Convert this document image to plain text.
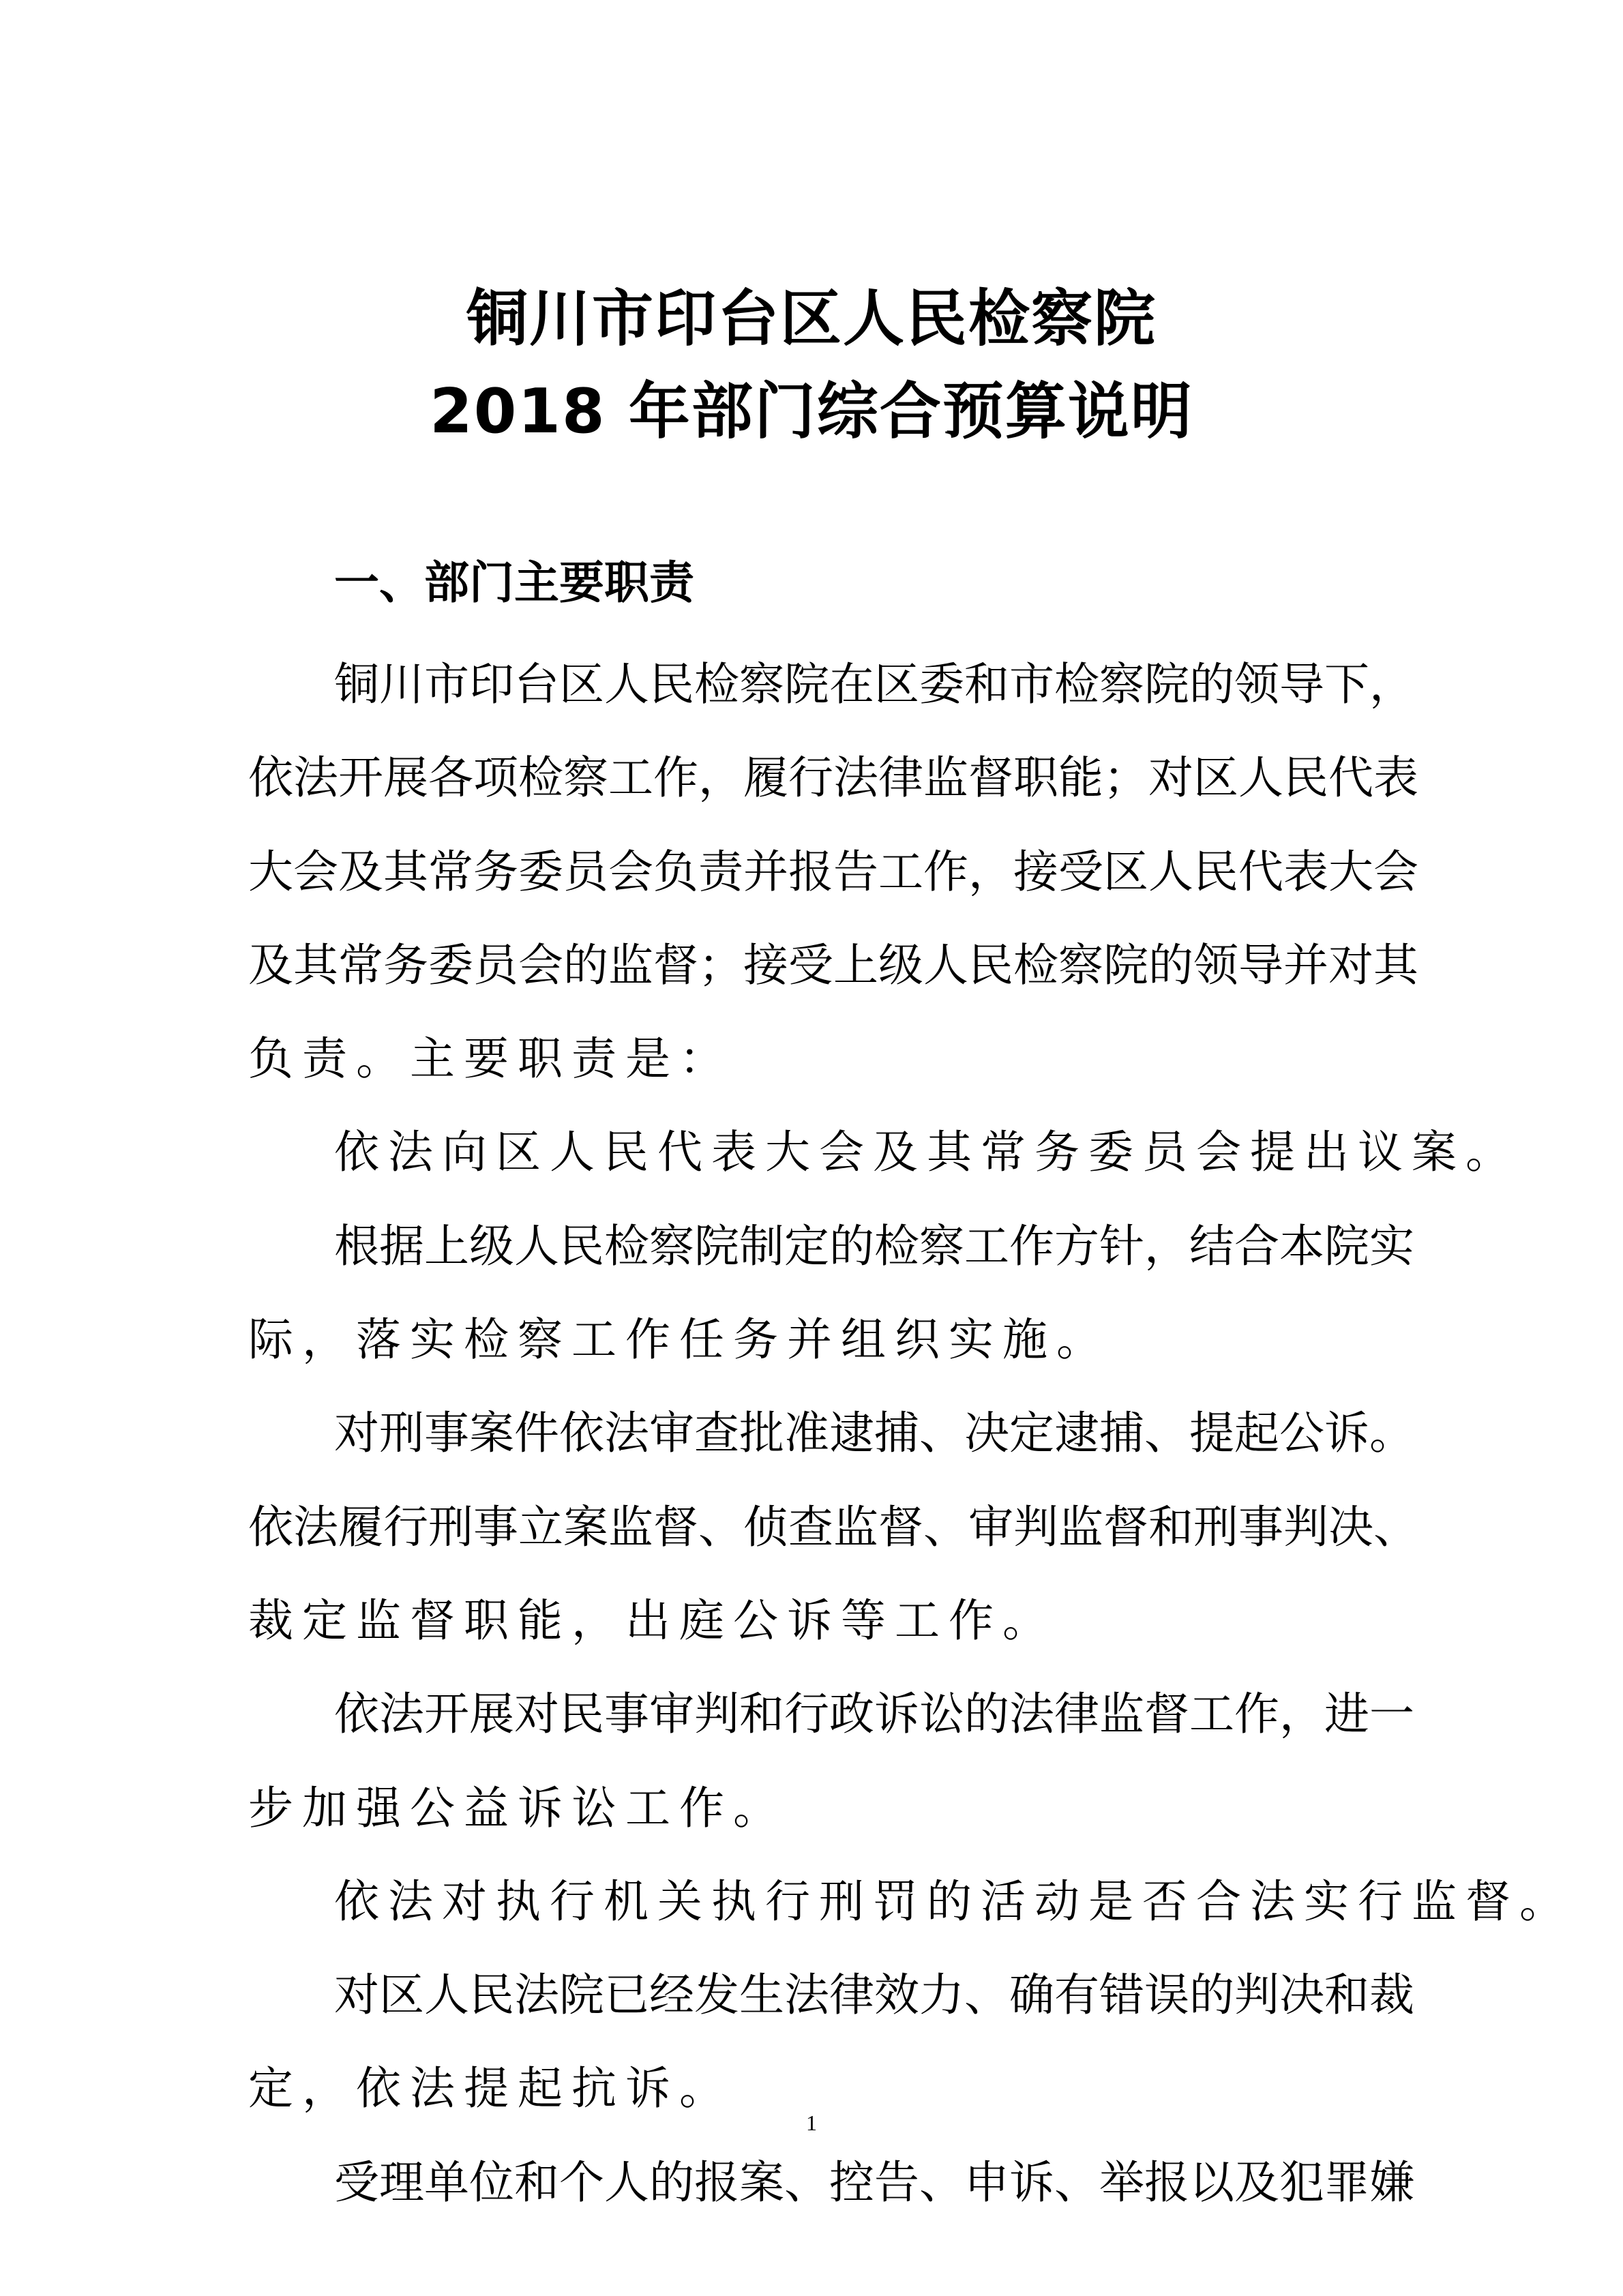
铜川市印台区人民检察院
2018 年部门综合预算说明
一、部门主要职责
铜 川 市 印 台 区 人 民 检 察 院 在 区 委 和 市 检 察 院 的 领 导 下 ，
依 法 开 展 各 项 检 察 工 作 ， 履 行 法 律 监 督 职 能 ； 对 区 人 民 代 表
大 会 及 其 常 务 委 员 会 负 责 并 报 告 工 作 ， 接 受 区 人 民 代 表 大 会
及 其 常 务 委 员 会 的 监 督 ； 接 受 上 级 人 民 检 察 院 的 领 导 并 对 其
负 责 。 主 要 职 责 是 ：
依 法 向 区 人 民 代 表 大 会 及 其 常 务 委 员 会 提 出 议 案 。
根 据 上 级 人 民 检 察 院 制 定 的 检 察 工 作 方 针 ， 结 合 本 院 实
际 ， 落 实 检 察 工 作 任 务 并 组 织 实 施 。
对 刑 事 案 件 依 法 审 查 批 准 逮 捕 、 决 定 逮 捕 、 提 起 公 诉 。
依 法 履 行 刑 事 立 案 监 督 、 侦 查 监 督 、 审 判 监 督 和 刑 事 判 决 、
裁 定 监 督 职 能 ， 出 庭 公 诉 等 工 作 。
依 法 开 展 对 民 事 审 判 和 行 政 诉 讼 的 法 律 监 督 工 作 ， 进 一
步 加 强 公 益 诉 讼 工 作 。
依 法 对 执 行 机 关 执 行 刑 罚 的 活 动 是 否 合 法 实 行 监 督 。
对 区 人 民 法 院 已 经 发 生 法 律 效 力 、 确 有 错 误 的 判 决 和 裁
定 ， 依 法 提 起 抗 诉 。
受 理 单 位 和 个 人 的 报 案 、 控 告 、 申 诉 、 举 报 以 及 犯 罪 嫌
1
